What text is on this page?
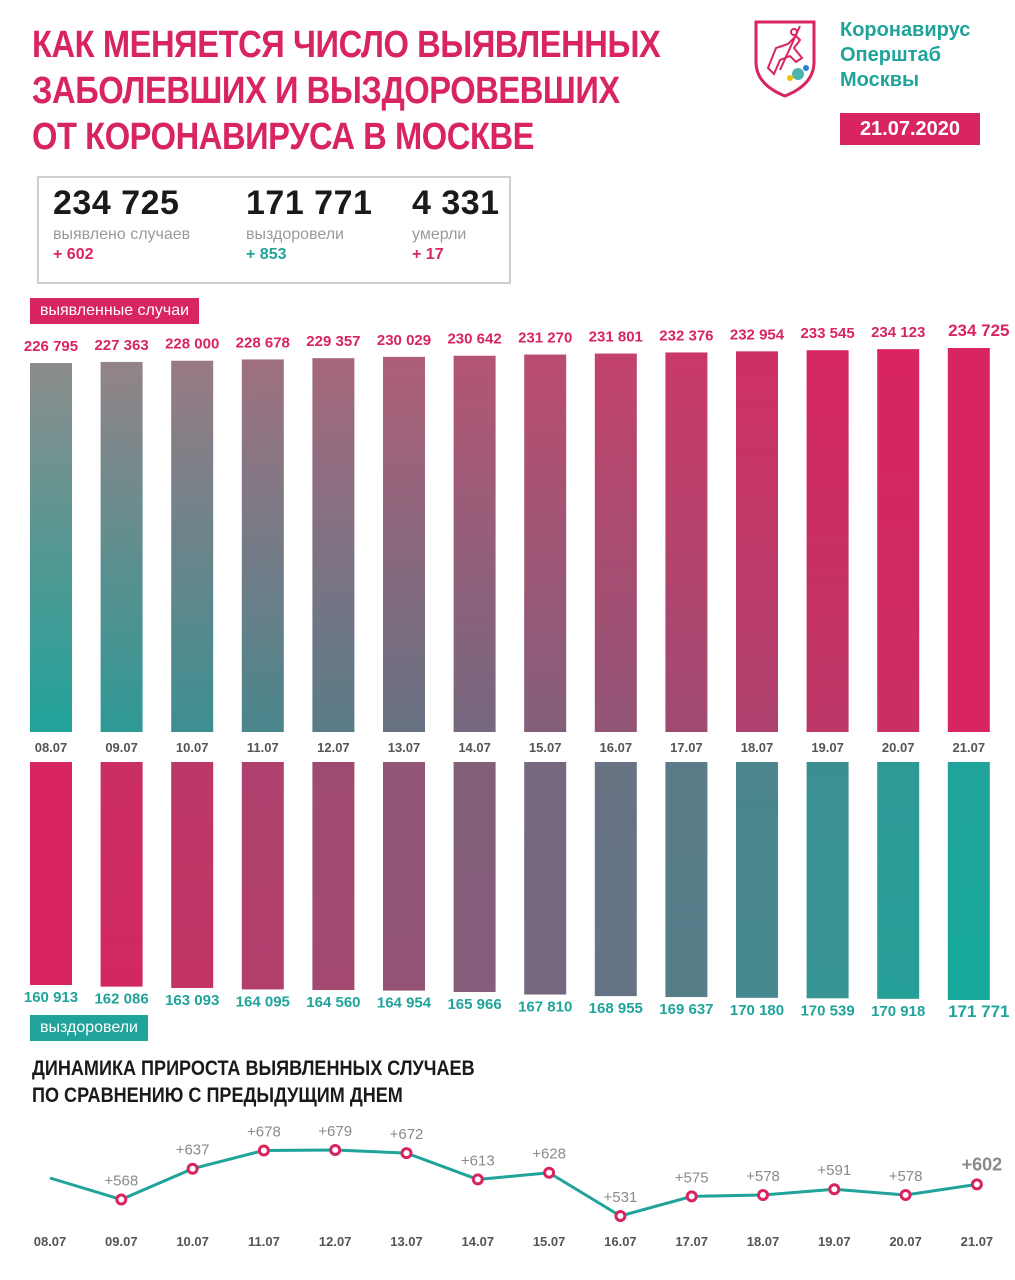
КАК МЕНЯЕТСЯ ЧИСЛО ВЫЯВЛЕННЫХ
ЗАБОЛЕВШИХ И ВЫЗДОРОВЕВШИХ
ОТ КОРОНАВИРУСА В МОСКВЕ
Коронавирус
Оперштаб
Москвы
21.07.2020
234 725
выявлено случаев
+ 602
171 771
выздоровели
+ 853
4 331
умерли
+ 17
выявленные случаи
выздоровели
ДИНАМИКА ПРИРОСТА ВЫЯВЛЕННЫХ СЛУЧАЕВ
ПО СРАВНЕНИЮ С ПРЕДЫДУЩИМ ДНЕМ
226 795
08.07
227 363
09.07
228 000
10.07
228 678
11.07
229 357
12.07
230 029
13.07
230 642
14.07
231 270
15.07
231 801
16.07
232 376
17.07
232 954
18.07
233 545
19.07
234 123
20.07
234 725
21.07
160 913 162 086 163 093 164 095 164 560 164 954 165 966 167 810 168 955 169 637 170 180 170 539 170 918 171 771
+568
+637
+678	+679	+672
+613	+628
+531
+575	+578	+591	+578
+602
08.07	09.07	10.07	11.07	12.07	13.07	14.07	15.07	16.07	17.07	18.07	19.07	20.07	21.07
